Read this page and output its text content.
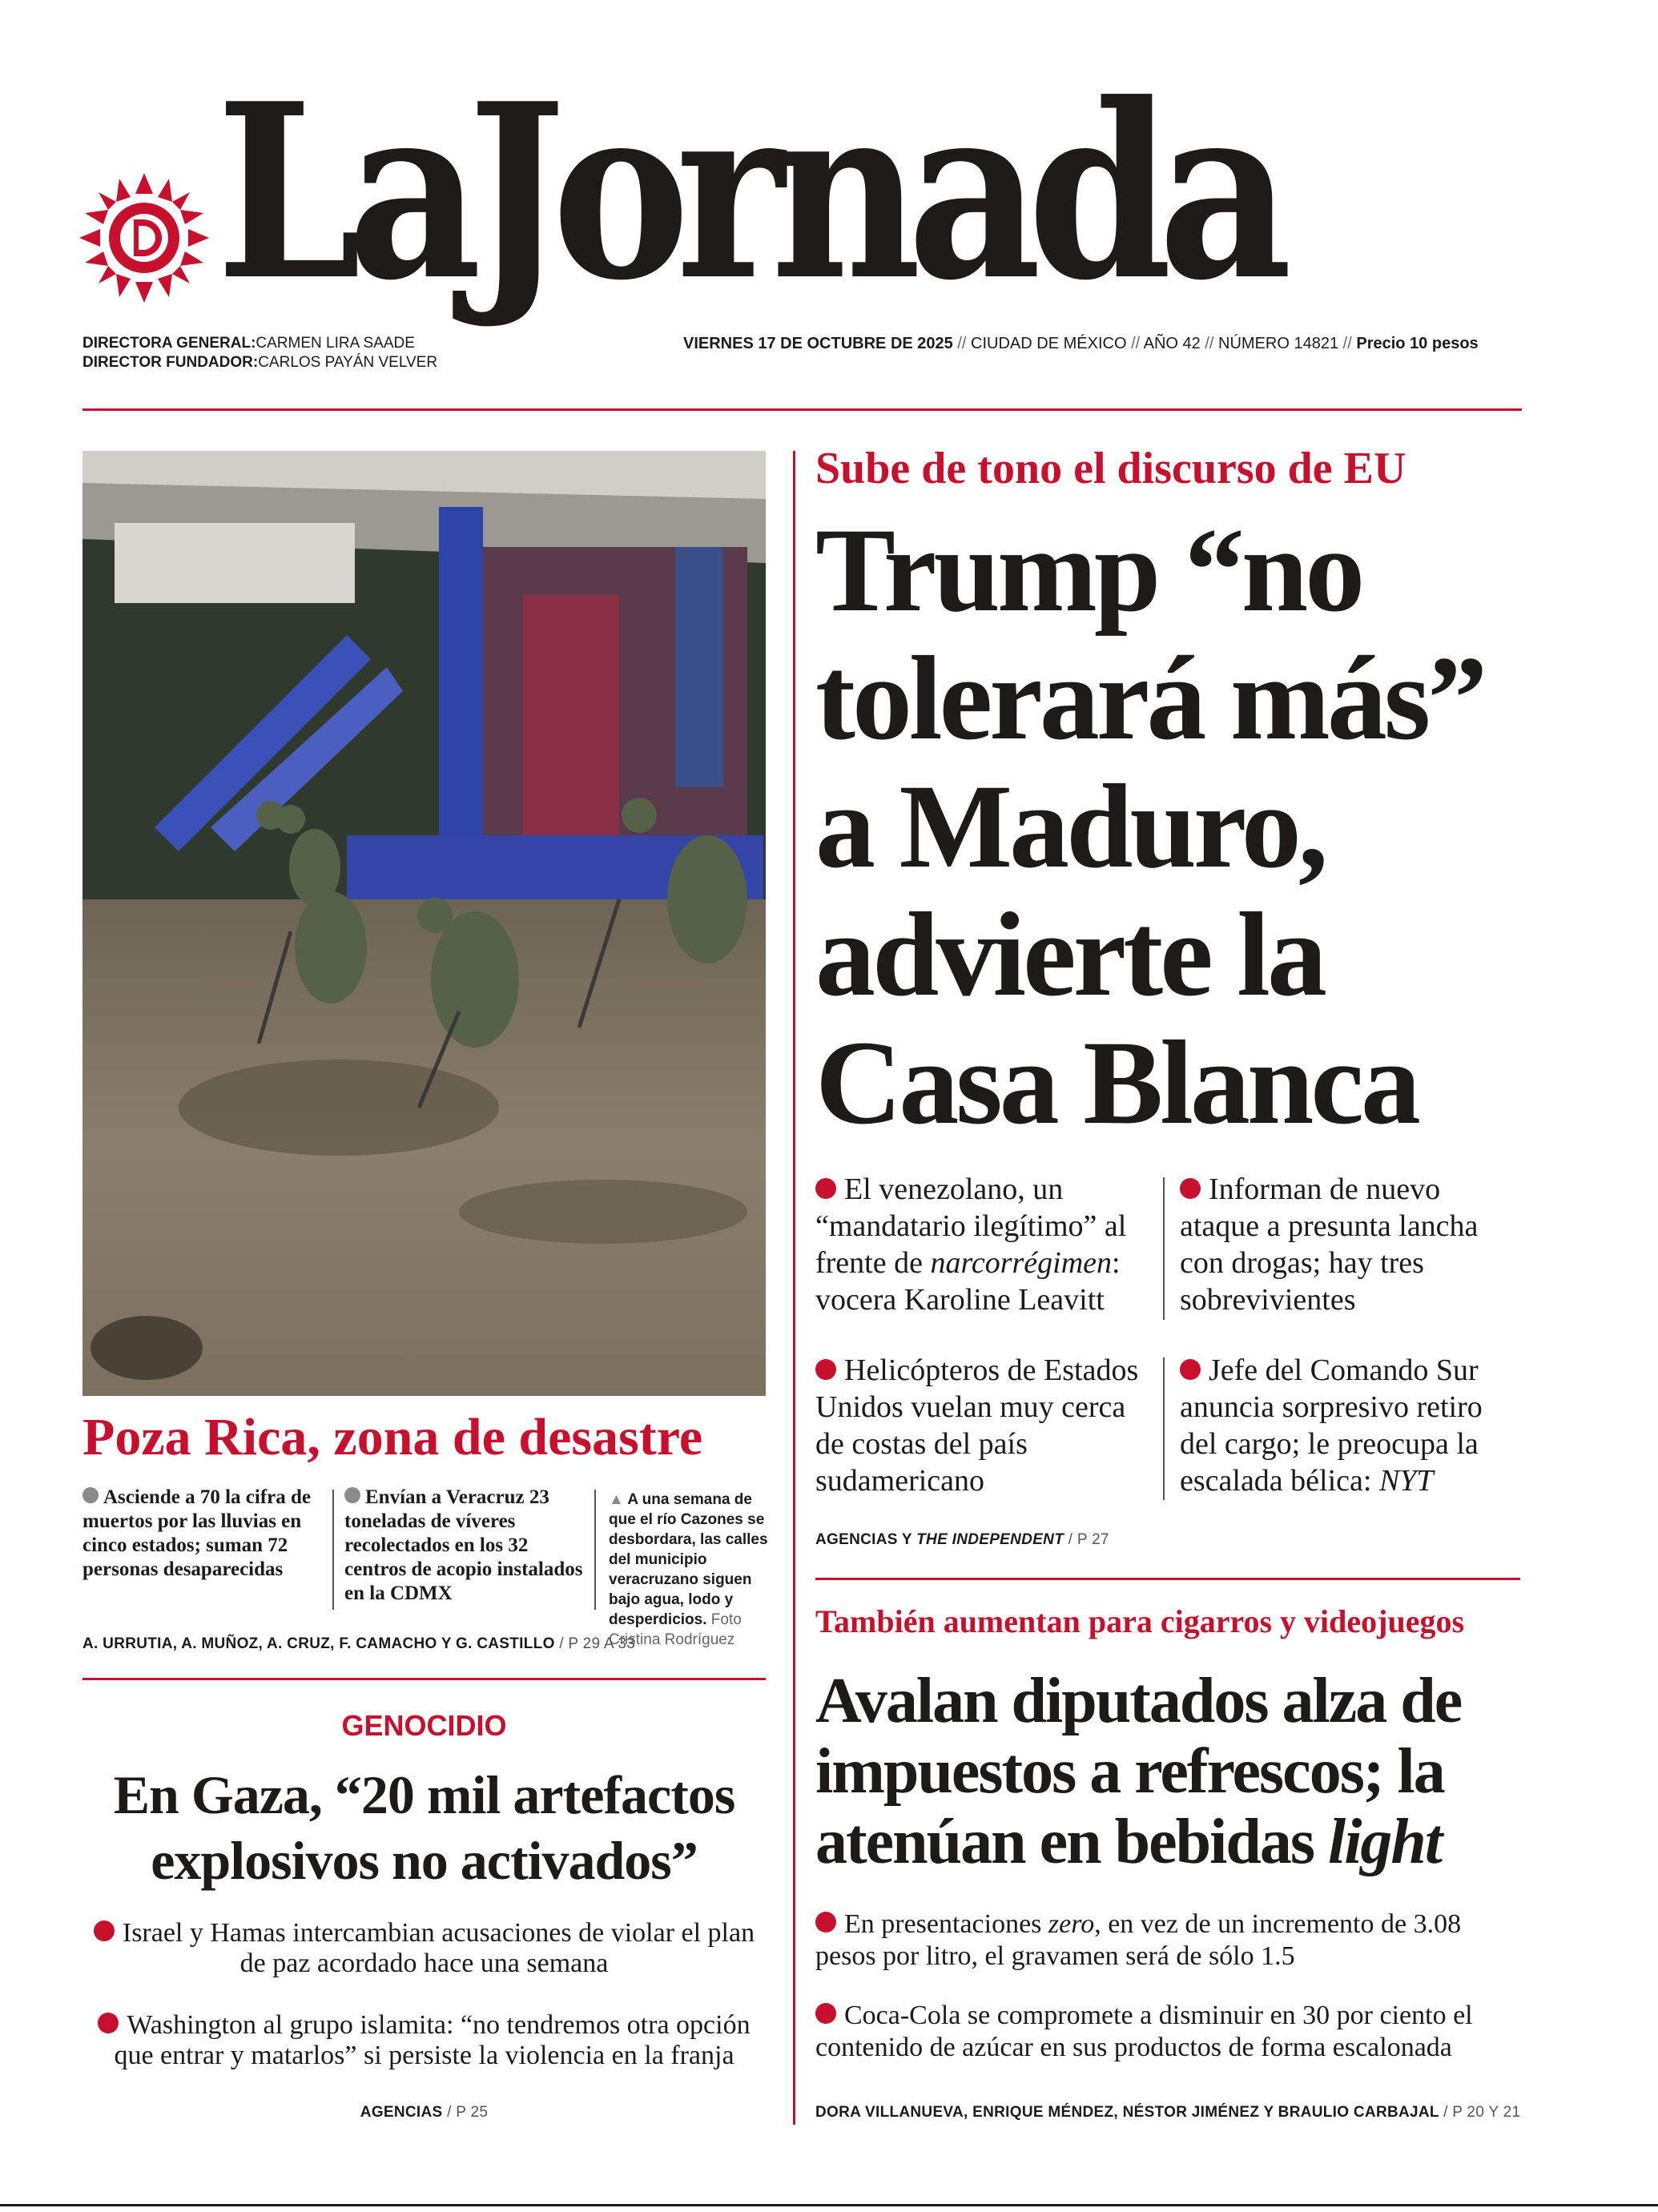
LaJornada
DIRECTORA GENERAL:CARMEN LIRA SAADE
DIRECTOR FUNDADOR:CARLOS PAYÁN VELVER
VIERNES 17 DE OCTUBRE DE 2025 // CIUDAD DE MÉXICO // AÑO 42 // NÚMERO 14821 // Precio 10 pesos
Poza Rica, zona de desastre
Asciende a 70 la cifra de muertos por las lluvias en cinco estados; suman 72 personas desaparecidas
Envían a Veracruz 23 toneladas de víveres recolectados en los 32 centros de acopio instalados en la CDMX
▲ A una semana de que el río Cazones se desbordara, las calles del municipio veracruzano siguen bajo agua, lodo y desperdicios. Foto Cristina Rodríguez
A. URRUTIA, A. MUÑOZ, A. CRUZ, F. CAMACHO Y G. CASTILLO / P 29 A 33
GENOCIDIO
En Gaza, “20 mil artefactos
explosivos no activados”
Israel y Hamas intercambian acusaciones de violar el plan de paz acordado hace una semana
Washington al grupo islamita: “no tendremos otra opción que entrar y matarlos” si persiste la violencia en la franja
AGENCIAS / P 25
Sube de tono el discurso de EU
Trump “no
tolerará más”
a Maduro,
advierte la
Casa Blanca
El venezolano, un “mandatario ilegítimo” al frente de narcorrégimen: vocera Karoline Leavitt
Informan de nuevo ataque a presunta lancha con drogas; hay tres sobrevivientes
Helicópteros de Estados Unidos vuelan muy cerca de costas del país sudamericano
Jefe del Comando Sur anuncia sorpresivo retiro del cargo; le preocupa la escalada bélica: NYT
AGENCIAS Y THE INDEPENDENT / P 27
También aumentan para cigarros y videojuegos
Avalan diputados alza de
impuestos a refrescos; la
atenúan en bebidas light
En presentaciones zero, en vez de un incremento de 3.08 pesos por litro, el gravamen será de sólo 1.5
Coca-Cola se compromete a disminuir en 30 por ciento el contenido de azúcar en sus productos de forma escalonada
DORA VILLANUEVA, ENRIQUE MÉNDEZ, NÉSTOR JIMÉNEZ Y BRAULIO CARBAJAL / P 20 Y 21
